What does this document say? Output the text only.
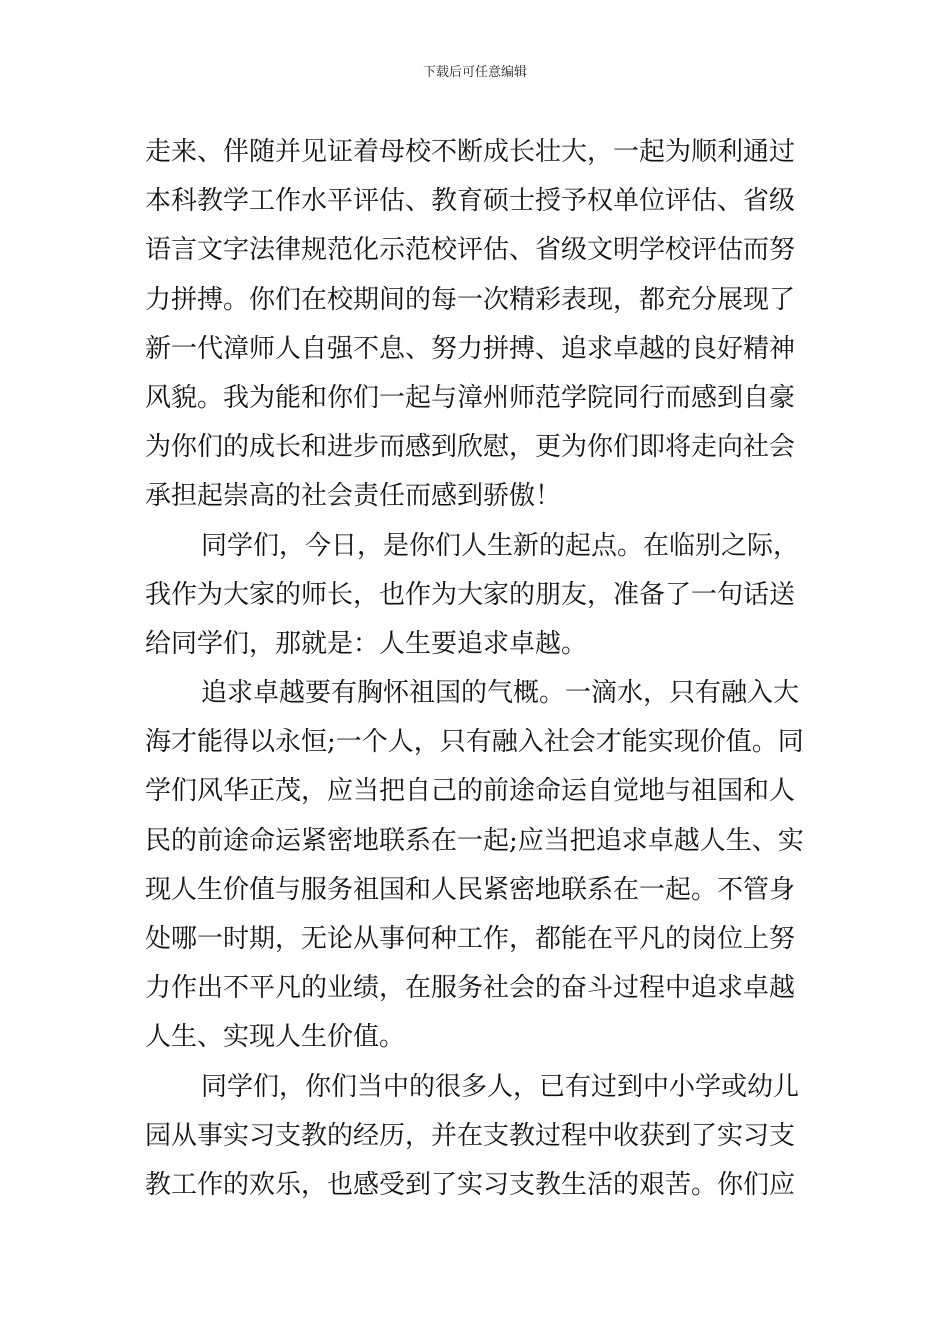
下载后可任意编辑
走来、伴随并见证着母校不断成长壮大，一起为顺利通过
本科教学工作水平评估、教育硕士授予权单位评估、省级
语言文字法律规范化示范校评估、省级文明学校评估而努
力拼搏。你们在校期间的每一次精彩表现，都充分展现了
新一代漳师人自强不息、努力拼搏、追求卓越的良好精神
风貌。我为能和你们一起与漳州师范学院同行而感到自豪
为你们的成长和进步而感到欣慰，更为你们即将走向社会
承担起崇高的社会责任而感到骄傲！
同学们，今日，是你们人生新的起点。在临别之际，
我作为大家的师长，也作为大家的朋友，准备了一句话送
给同学们，那就是：人生要追求卓越。
追求卓越要有胸怀祖国的气概。一滴水，只有融入大
海才能得以永恒;一个人，只有融入社会才能实现价值。同
学们风华正茂，应当把自己的前途命运自觉地与祖国和人
民的前途命运紧密地联系在一起;应当把追求卓越人生、实
现人生价值与服务祖国和人民紧密地联系在一起。不管身
处哪一时期，无论从事何种工作，都能在平凡的岗位上努
力作出不平凡的业绩，在服务社会的奋斗过程中追求卓越
人生、实现人生价值。
同学们，你们当中的很多人，已有过到中小学或幼儿
园从事实习支教的经历，并在支教过程中收获到了实习支
教工作的欢乐，也感受到了实习支教生活的艰苦。你们应
